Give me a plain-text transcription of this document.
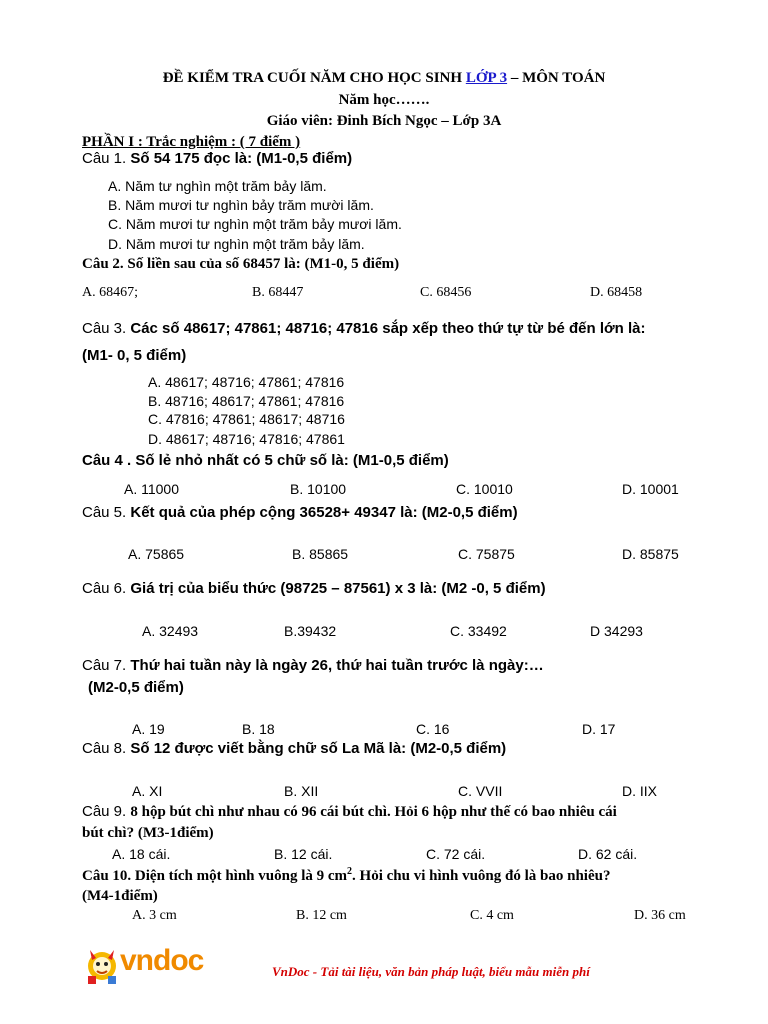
ĐỀ KIỂM TRA CUỐI NĂM CHO HỌC SINH LỚP 3 – MÔN TOÁN
Năm học…….
Giáo viên: Đinh Bích Ngọc – Lớp 3A
PHẦN I : Trắc nghiệm : ( 7 điểm )
Câu 1. Số 54 175 đọc là: (M1-0,5 điểm)
A. Năm tư nghìn một trăm bảy lăm.
B. Năm mươi tư nghìn bảy trăm mười lăm.
C. Năm mươi tư nghìn một trăm bảy mươi lăm.
D. Năm mươi tư nghìn một trăm bảy lăm.
Câu 2. Số liền sau của số 68457 là: (M1-0, 5 điểm)
A. 68467;	B. 68447	C. 68456	D. 68458
Câu 3. Các số 48617; 47861; 48716; 47816 sắp xếp theo thứ tự từ bé đến lớn là:
(M1- 0, 5 điểm)
A. 48617; 48716; 47861; 47816
B. 48716; 48617; 47861; 47816
C. 47816; 47861; 48617; 48716
D. 48617; 48716; 47816; 47861
Câu 4 . Số lẻ nhỏ nhất có 5 chữ số là: (M1-0,5 điểm)
A. 11000	B. 10100	C. 10010	D. 10001
Câu 5. Kết quả của phép cộng 36528+ 49347 là: (M2-0,5 điểm)
A. 75865	B. 85865	C. 75875	D. 85875
Câu 6. Giá trị của biểu thức (98725 – 87561) x 3 là: (M2 -0, 5 điểm)
A. 32493	B.39432	C. 33492	D 34293
Câu 7. Thứ hai tuần này là ngày 26, thứ hai tuần trước là ngày:…
(M2-0,5 điểm)
A. 19	B. 18	C. 16	D. 17
Câu 8. Số 12 được viết bằng chữ số La Mã là: (M2-0,5 điểm)
A. XI	B. XII	C. VVII	D. IIX
Câu 9. 8 hộp bút chì như nhau có 96 cái bút chì. Hỏi 6 hộp như thế có bao nhiêu cái
bút chì? (M3-1điểm)
A. 18 cái.	B. 12 cái.	C. 72 cái.	D. 62 cái.
Câu 10. Diện tích một hình vuông là 9 $cm^2$. Hỏi chu vi hình vuông đó là bao nhiêu?
(M4-1điểm)
A. 3 cm	B. 12 cm	C. 4 cm	D. 36 cm
vndoc	VnDoc - Tải tài liệu, văn bản pháp luật, biểu mẫu miễn phí
